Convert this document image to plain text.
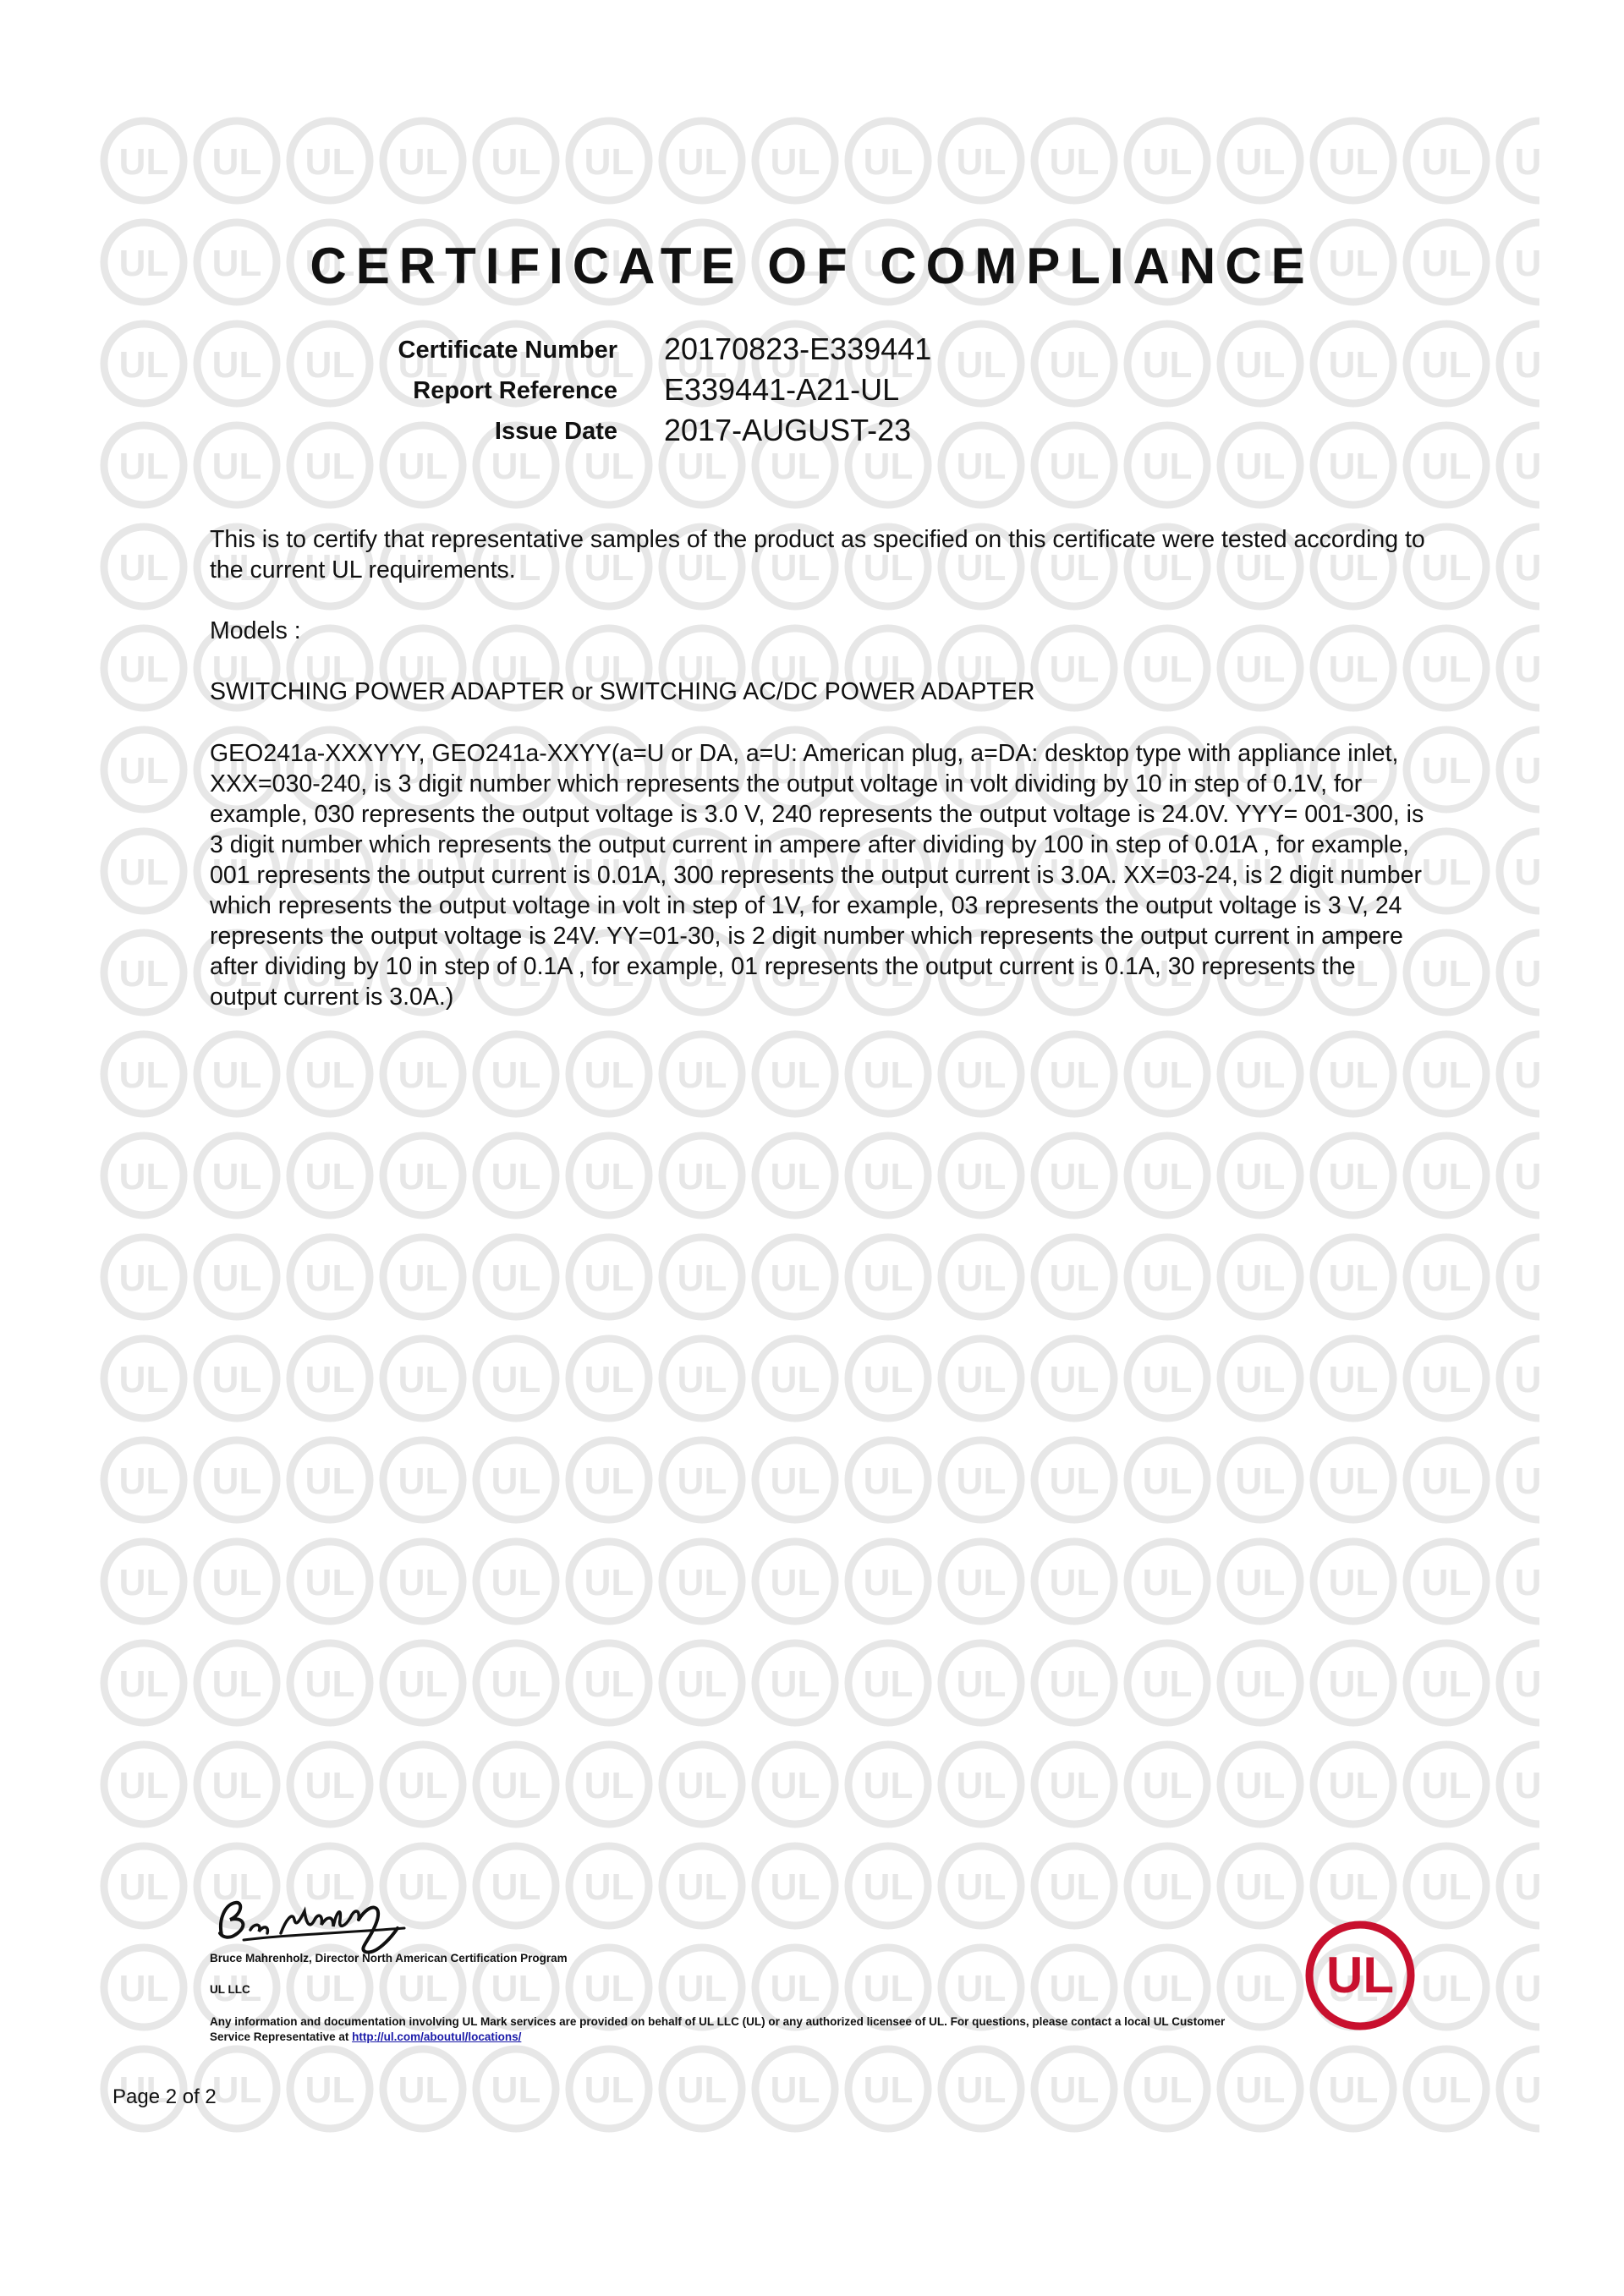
CERTIFICATE OF COMPLIANCE
Certificate Number 20170823-E339441
Report Reference E339441-A21-UL
Issue Date 2017-AUGUST-23
This is to certify that representative samples of the product as specified on this certificate were tested according to the current UL requirements.
Models :
SWITCHING POWER ADAPTER or SWITCHING AC/DC POWER ADAPTER
GEO241a-XXXYYY, GEO241a-XXYY(a=U or DA, a=U: American plug, a=DA: desktop type with appliance inlet, XXX=030-240, is 3 digit number which represents the output voltage in volt dividing by 10 in step of 0.1V, for example, 030 represents the output voltage is 3.0 V, 240 represents the output voltage is 24.0V. YYY= 001-300, is 3 digit number which represents the output current in ampere after dividing by 100 in step of 0.01A , for example, 001 represents the output current is 0.01A, 300 represents the output current is 3.0A. XX=03-24, is 2 digit number which represents the output voltage in volt in step of 1V, for example, 03 represents the output voltage is 3 V, 24 represents the output voltage is 24V. YY=01-30, is 2 digit number which represents the output current in ampere after dividing by 10 in step of 0.1A , for example, 01 represents the output current is 0.1A, 30 represents the output current is 3.0A.)
Bruce Mahrenholz, Director North American Certification Program
UL LLC
Any information and documentation involving UL Mark services are provided on behalf of UL LLC (UL) or any authorized licensee of UL. For questions, please contact a local UL Customer Service Representative at http://ul.com/aboutul/locations/
UL
Page 2 of 2
